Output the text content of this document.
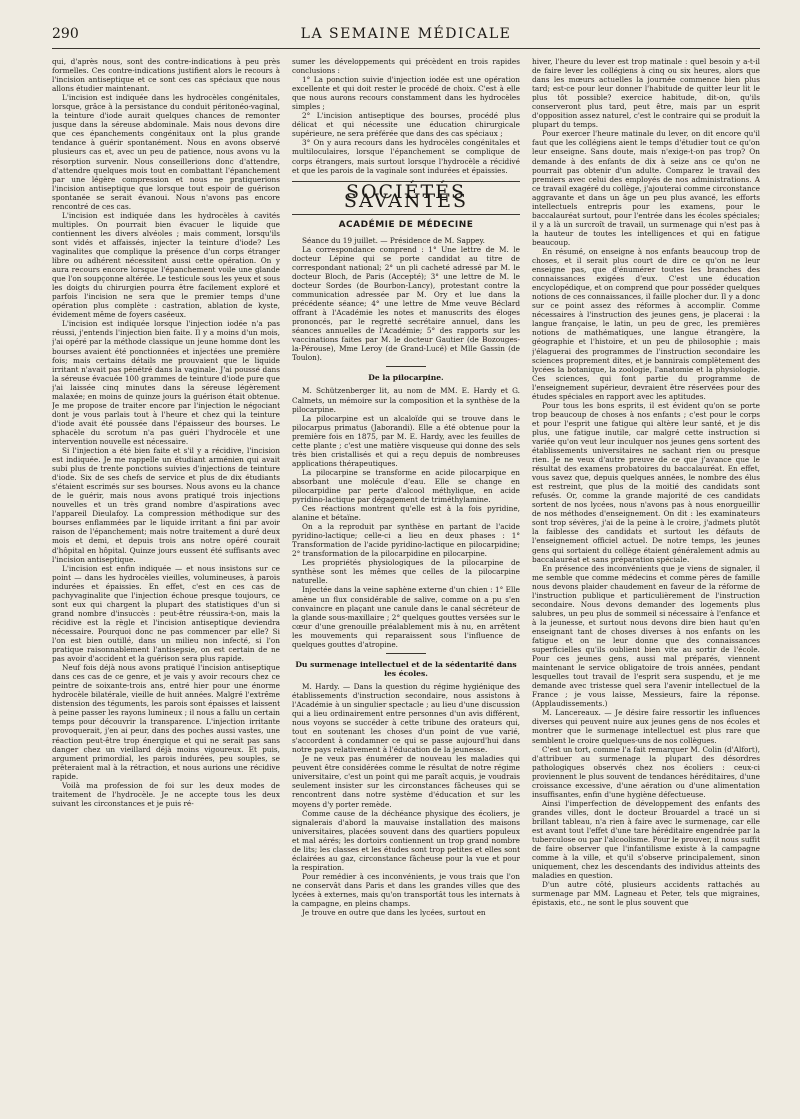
290	LA SEMAINE MÉDICALE

qui, d'après nous, sont des contre-indications à peu près formelles. Ces contre-indications justifient alors le recours à l'incision antiseptique et ce sont ces cas spéciaux que nous allons étudier maintenant.

L'incision est indiquée dans les hydrocèles congénitales, lorsque, grâce à la persistance du conduit péritonéo-vaginal, la teinture d'iode aurait quelques chances de remonter jusque dans la séreuse abdominale. Mais nous devons dire que ces épanchements congénitaux ont la plus grande tendance à guérir spontanément. Nous en avons observé plusieurs cas et, avec un peu de patience, nous avons vu la résorption survenir. Nous conseillerions donc d'attendre, d'attendre quelques mois tout en combattant l'épanchement par une légère compression et nous ne pratiquerions l'incision antiseptique que lorsque tout espoir de guérison spontanée se serait évanoui. Nous n'avons pas encore rencontré de ces cas.

L'incision est indiquée dans les hydrocèles à cavités multiples. On pourrait bien évacuer le liquide que contiennent les divers alvéoles ; mais comment, lorsqu'ils sont vidés et affaissés, injecter la teinture d'iode? Les vaginalites que complique la présence d'un corps étranger libre ou adhérent nécessitent aussi cette opération. On y aura recours encore lorsque l'épanchement voile une glande que l'on soupçonne altérée. Le testicule sous les yeux et sous les doigts du chirurgien pourra être facilement exploré et parfois l'incision ne sera que le premier temps d'une opération plus complète : castration, ablation de kyste, évidement même de foyers caséeux.

L'incision est indiquée lorsque l'injection iodée n'a pas réussi, j'entends l'injection bien faite. Il y a moins d'un mois, j'ai opéré par la méthode classique un jeune homme dont les bourses avaient été ponctionnées et injectées une première fois; mais certains détails me prouvaient que le liquide irritant n'avait pas pénétré dans la vaginale. J'ai poussé dans la séreuse évacuée 100 grammes de teinture d'iode pure que j'ai laissée cinq minutes dans la séreuse légèrement malaxée; en moins de quinze jours la guérison était obtenue. Je me propose de traiter encore par l'injection le négociant dont je vous parlais tout à l'heure et chez qui la teinture d'iode avait été poussée dans l'épaisseur des bourses. Le sphacèle du scrotum n'a pas guéri l'hydrocèle et une intervention nouvelle est nécessaire.

Si l'injection a été bien faite et s'il y a récidive, l'incision est indiquée. Je me rappelle un étudiant arménien qui avait subi plus de trente ponctions suivies d'injections de teinture d'iode. Six de ses chefs de service et plus de dix étudiants s'étaient escrimés sur ses bourses. Nous avons eu la chance de le guérir, mais nous avons pratiqué trois injections nouvelles et un très grand nombre d'aspirations avec l'appareil Dieulafoy. La compression méthodique sur des bourses enflammées par le liquide irritant a fini par avoir raison de l'épanchement; mais notre traitement a duré deux mois et demi, et depuis trois ans notre opéré courait d'hôpital en hôpital. Quinze jours eussent été suffisants avec l'incision antiseptique.

L'incision est enfin indiquée — et nous insistons sur ce point — dans les hydrocèles vieilles, volumineuses, à parois indurées et épaissies. En effet, c'est en ces cas de pachyvaginalite que l'injection échoue presque toujours, ce sont eux qui chargent la plupart des statistiques d'un si grand nombre d'insuccès : peut-être réussira-t-on, mais la récidive est la règle et l'incision antiseptique deviendra nécessaire. Pourquoi donc ne pas commencer par elle? Si l'on est bien outillé, dans un milieu non infecté, si l'on pratique raisonnablement l'antisepsie, on est certain de ne pas avoir d'accident et la guérison sera plus rapide.

Neuf fois déjà nous avons pratiqué l'incision antiseptique dans ces cas de ce genre, et je vais y avoir recours chez ce peintre de soixante-trois ans, entré hier pour une énorme hydrocèle bilatérale, vieille de huit années. Malgré l'extrême distension des téguments, les parois sont épaisses et laissent à peine passer les rayons lumineux ; il nous a fallu un certain temps pour découvrir la transparence. L'injection irritante provoquerait, j'en ai peur, dans des poches aussi vastes, une réaction peut-être trop énergique et qui ne serait pas sans danger chez un vieillard déjà moins vigoureux. Et puis, argument primordial, les parois indurées, peu souples, se prêteraient mal à la rétraction, et nous aurions une récidive rapide.

Voilà ma profession de foi sur les deux modes de traitement de l'hydrocèle. Je ne accepte tous les deux suivant les circonstances et je puis ré-

sumer les développements qui précèdent en trois rapides conclusions :

1° La ponction suivie d'injection iodée est une opération excellente et qui doit rester le procédé de choix. C'est à elle que nous aurons recours constamment dans les hydrocèles simples ;

2° L'incision antiseptique des bourses, procédé plus délicat et qui nécessite une éducation chirurgicale supérieure, ne sera préférée que dans des cas spéciaux ;

3° On y aura recours dans les hydrocèles congénitales et multiloculaires, lorsque l'épanchement se complique de corps étrangers, mais surtout lorsque l'hydrocèle a récidivé et que les parois de la vaginale sont indurées et épaissies.

SOCIÉTÉS SAVANTES
ACADÉMIE DE MÉDECINE

Séance du 19 juillet. — Présidence de M. Sappey.

La correspondance comprend : 1° Une lettre de M. le docteur Lépine qui se porte candidat au titre de correspondant national; 2° un pli cacheté adressé par M. le docteur Bloch, de Paris (Accepté); 3° une lettre de M. le docteur Sordes (de Bourbon-Lancy), protestant contre la communication adressée par M. Ory et lue dans la précédente séance; 4° une lettre de Mme veuve Béclard offrant à l'Académie les notes et manuscrits des éloges prononcés, par le regretté secrétaire annuel, dans les séances annuelles de l'Académie; 5° des rapports sur les vaccinations faites par M. le docteur Gautier (de Bozouges-la-Pérouse), Mme Leroy (de Grand-Lucé) et Mlle Gassin (de Toulon).

De la pilocarpine.

M. Schützenberger lit, au nom de MM. E. Hardy et G. Calmets, un mémoire sur la composition et la synthèse de la pilocarpine.

La pilocarpine est un alcaloïde qui se trouve dans le pilocarpus primatus (Jaborandi). Elle a été obtenue pour la première fois en 1875, par M. E. Hardy, avec les feuilles de cette plante ; c'est une matière visqueuse qui donne des sels très bien cristallisés et qui a reçu depuis de nombreuses applications thérapeutiques.

La pilocarpine se transforme en acide pilocarpique en absorbant une molécule d'eau. Elle se change en pilocarpidine par perte d'alcool méthylique, en acide pyridino-lactique par dégagement de triméthylamine.

Ces réactions montrent qu'elle est à la fois pyridine, alanine et bétaïne.

On a la reproduit par synthèse en partant de l'acide pyridino-lactique; celle-ci a lieu en deux phases : 1° Transformation de l'acide pyridino-lactique en pilocarpidine; 2° transformation de la pilocarpidine en pilocarpine.

Les propriétés physiologiques de la pilocarpine de synthèse sont les mêmes que celles de la pilocarpine naturelle.

Injectée dans la veine saphène externe d'un chien : 1° Elle amène un flux considérable de salive, comme on a pu s'en convaincre en plaçant une canule dans le canal sécréteur de la glande sous-maxillaire ; 2° quelques gouttes versées sur le cœur d'une grenouille préalablement mis à nu, en arrêtent les mouvements qui reparaissent sous l'influence de quelques gouttes d'atropine.

Du surmenage intellectuel et de la sédentarité dans les écoles.

M. Hardy. — Dans la question du régime hygiénique des établissements d'instruction secondaire, nous assistons à l'Académie à un singulier spectacle ; au lieu d'une discussion qui a lieu ordinairement entre personnes d'un avis différent, nous voyons se succéder à cette tribune des orateurs qui, tout en soutenant les choses d'un point de vue varié, s'accordent à condamner ce qui se passe aujourd'hui dans notre pays relativement à l'éducation de la jeunesse.

Je ne veux pas énumérer de nouveau les maladies qui peuvent être considérées comme le résultat de notre régime universitaire, c'est un point qui me paraît acquis, je voudrais seulement insister sur les circonstances fâcheuses qui se rencontrent dans notre système d'éducation et sur les moyens d'y porter remède.

Comme cause de la déchéance physique des écoliers, je signalerais d'abord la mauvaise installation des maisons universitaires, placées souvent dans des quartiers populeux et mal aérés; les dortoirs contiennent un trop grand nombre de lits; les classes et les études sont trop petites et elles sont éclairées au gaz, circonstance fâcheuse pour la vue et pour la respiration.

Pour remédier à ces inconvénients, je vous trais que l'on ne conservât dans Paris et dans les grandes villes que des lycées à externes, mais qu'on transportât tous les internats à la campagne, en pleins champs.

Je trouve en outre que dans les lycées, surtout en

hiver, l'heure du lever est trop matinale : quel besoin y a-t-il de faire lever les collégiens à cinq ou six heures, alors que dans les mœurs actuelles la journée commence bien plus tard; est-ce pour leur donner l'habitude de quitter leur lit le plus tôt possible? exercice habitude, dit-on, qu'ils conserveront plus tard, peut être, mais par un esprit d'opposition assez naturel, c'est le contraire qui se produit la plupart du temps.

Pour exercer l'heure matinale du lever, on dit encore qu'il faut que les collégiens aient le temps d'étudier tout ce qu'on leur enseigne. Sans doute, mais n'exige-t-on pas trop? On demande à des enfants de dix à seize ans ce qu'on ne pourrait pas obtenir d'un adulte. Comparez le travail des premiers avec celui des employés de nos administrations. A ce travail exagéré du collège, j'ajouterai comme circonstance aggravante et dans un âge un peu plus avancé, les efforts intellectuels entrepris pour les examens, pour le baccalauréat surtout, pour l'entrée dans les écoles spéciales; il y a là un surcroît de travail, un surmenage qui n'est pas à la hauteur de toutes les intelligences et qui en fatigue beaucoup.

En résumé, on enseigne à nos enfants beaucoup trop de choses, et il serait plus court de dire ce qu'on ne leur enseigne pas, que d'énumérer toutes les branches des connaissances exigées d'eux. C'est une éducation encyclopédique, et on comprend que pour posséder quelques notions de ces connaissances, il faille plocher dur. Il y a donc sur ce point assez des réformes à accomplir. Comme nécessaires à l'instruction des jeunes gens, je placerai : la langue française, le latin, un peu de grec, les premières notions de mathématiques, une langue étrangère, la géographie et l'histoire, et un peu de philosophie ; mais j'élaguerai des programmes de l'instruction secondaire les sciences proprement dites, et je bannirais complètement des lycées la botanique, la zoologie, l'anatomie et la physiologie. Ces sciences, qui font partie du programme de l'enseignement supérieur, devraient être réservées pour des études spéciales en rapport avec les aptitudes.

Pour tous les bons esprits, il est évident qu'on se porte trop beaucoup de choses à nos enfants ; c'est pour le corps et pour l'esprit une fatigue qui altère leur santé, et je dis plus, une fatigue inutile, car malgré cette instruction si variée qu'on veut leur inculquer nos jeunes gens sortent des établissements universitaires ne sachant rien ou presque rien. Je ne veux d'autre preuve de ce que j'avance que le résultat des examens probatoires du baccalauréat. En effet, vous savez que, depuis quelques années, le nombre des élus est restreint, que plus de la moitié des candidats sont refusés. Or, comme la grande majorité de ces candidats sortent de nos lycées, nous n'avons pas à nous enorgueillir de nos méthodes d'enseignement. On dit : les examinateurs sont trop sévères, j'ai de la peine à le croire, j'admets plutôt la faiblesse des candidats et surtout les défauts de l'enseignement officiel actuel. De notre temps, les jeunes gens qui sortaient du collège étaient généralement admis au baccalauréat et sans préparation spéciale.

En présence des inconvénients que je viens de signaler, il me semble que comme médecins et comme pères de famille nous devons plaider chaudement en faveur de la réforme de l'instruction publique et particulièrement de l'instruction secondaire. Nous devons demander des logements plus salubres, un peu plus de sommeil si nécessaire à l'enfance et à la jeunesse, et surtout nous devons dire bien haut qu'en enseignant tant de choses diverses à nos enfants on les fatigue et on ne leur donne que des connaissances superficielles qu'ils oublient bien vite au sortir de l'école. Pour ces jeunes gens, aussi mal préparés, viennent maintenant le service obligatoire de trois années, pendant lesquelles tout travail de l'esprit sera suspendu, et je me demande avec tristesse quel sera l'avenir intellectuel de la France ; je vous laisse, Messieurs, faire la réponse. (Applaudissements.)

M. Lancereaux. — Je désire faire ressortir les influences diverses qui peuvent nuire aux jeunes gens de nos écoles et montrer que le surmenage intellectuel est plus rare que semblent le croire quelques-uns de nos collègues.

C'est un tort, comme l'a fait remarquer M. Colin (d'Alfort), d'attribuer au surmenage la plupart des désordres pathologiques observés chez nos écoliers : ceux-ci proviennent le plus souvent de tendances héréditaires, d'une croissance excessive, d'une aération ou d'une alimentation insuffisantes, enfin d'une hygiène défectueuse.

Ainsi l'imperfection de développement des enfants des grandes villes, dont le docteur Brouardel a tracé un si brillant tableau, n'a rien à faire avec le surmenage, car elle est avant tout l'effet d'une tare héréditaire engendrée par la tuberculose ou par l'alcoolisme. Pour le prouver, il nous suffit de faire observer que l'infantilisme existe à la campagne comme à la ville, et qu'il s'observe principalement, sinon uniquement, chez les descendants des individus atteints des maladies en question.

D'un autre côté, plusieurs accidents rattachés au surmenage par MM. Lagneau et Peter, tels que migraines, épistaxis, etc., ne sont le plus souvent que
